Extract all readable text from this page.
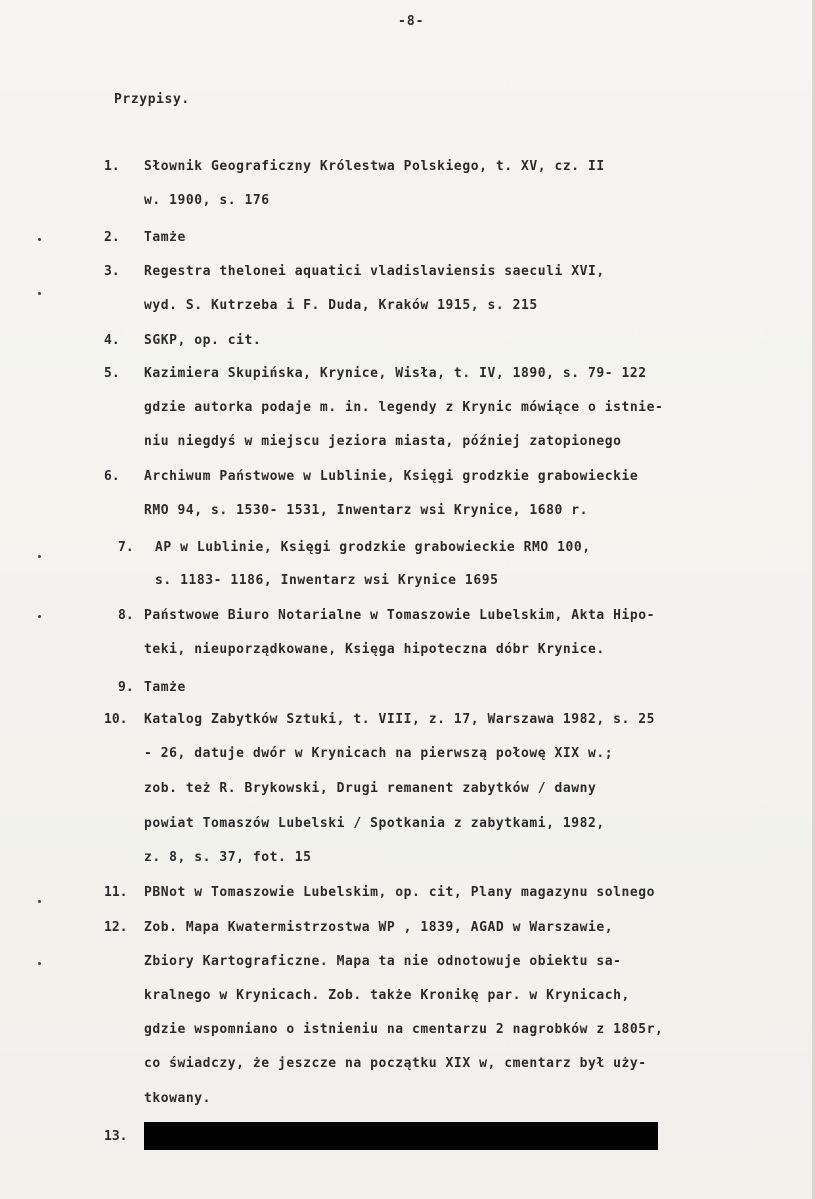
-8-
Przypisy.
1. Słownik Geograficzny Królestwa Polskiego, t. XV, cz. II
w. 1900, s. 176
2. Tamże
3. Regestra thelonei aquatici vladislaviensis saeculi XVI,
wyd. S. Kutrzeba i F. Duda, Kraków 1915, s. 215
4. SGKP, op. cit.
5. Kazimiera Skupińska, Krynice, Wisła, t. IV, 1890, s. 79- 122
gdzie autorka podaje m. in. legendy z Krynic mówiące o istnie-
niu niegdyś w miejscu jeziora miasta, później zatopionego
6. Archiwum Państwowe w Lublinie, Księgi grodzkie grabowieckie
RMO 94, s. 1530- 1531, Inwentarz wsi Krynice, 1680 r.
7. AP w Lublinie, Księgi grodzkie grabowieckie RMO 100,
s. 1183- 1186, Inwentarz wsi Krynice 1695
8. Państwowe Biuro Notarialne w Tomaszowie Lubelskim, Akta Hipo-
teki, nieuporządkowane, Księga hipoteczna dóbr Krynice.
9. Tamże
10. Katalog Zabytków Sztuki, t. VIII, z. 17, Warszawa 1982, s. 25
- 26, datuje dwór w Krynicach na pierwszą połowę XIX w.;
zob. też R. Brykowski, Drugi remanent zabytków / dawny
powiat Tomaszów Lubelski / Spotkania z zabytkami, 1982,
z. 8, s. 37, fot. 15
11. PBNot w Tomaszowie Lubelskim, op. cit, Plany magazynu solnego
12. Zob. Mapa Kwatermistrzostwa WP , 1839, AGAD w Warszawie,
Zbiory Kartograficzne. Mapa ta nie odnotowuje obiektu sa-
kralnego w Krynicach. Zob. także Kronikę par. w Krynicach,
gdzie wspomniano o istnieniu na cmentarzu 2 nagrobków z 1805r,
co świadczy, że jeszcze na początku XIX w, cmentarz był uży-
tkowany.
13.
